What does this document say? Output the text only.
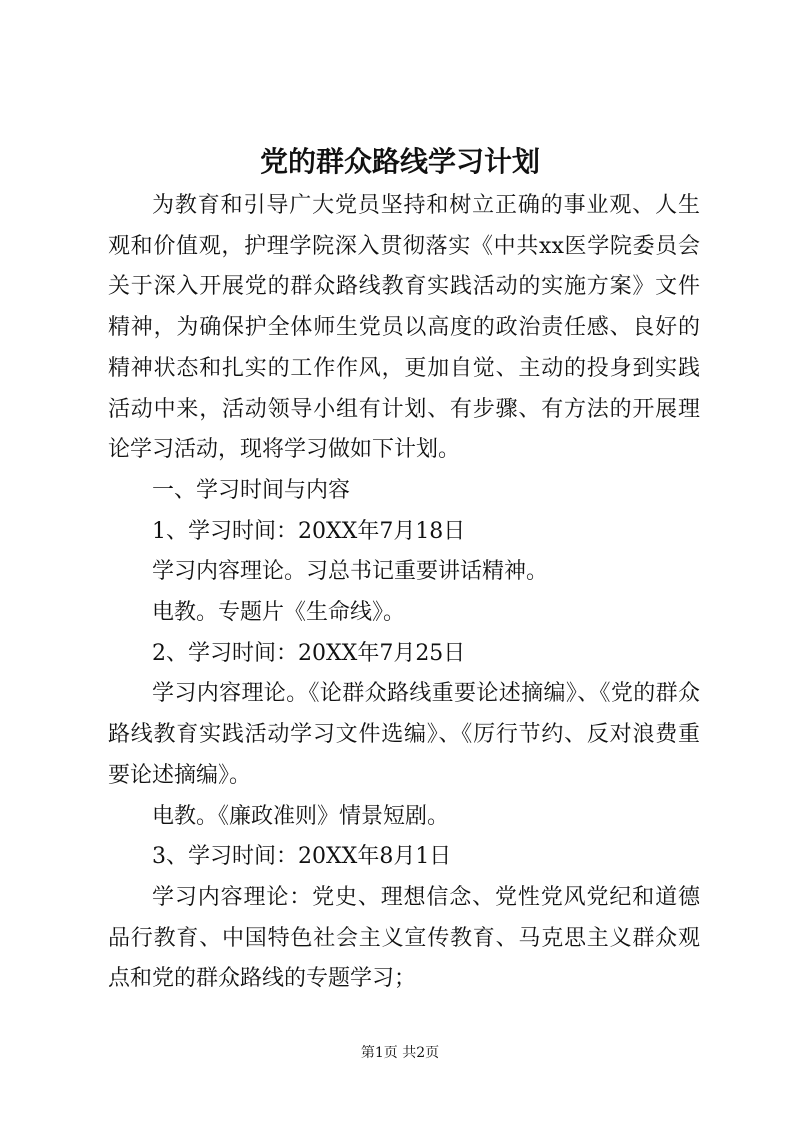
党的群众路线学习计划

为教育和引导广大党员坚持和树立正确的事业观、人生观和价值观，护理学院深入贯彻落实《中共xx医学院委员会关于深入开展党的群众路线教育实践活动的实施方案》文件精神，为确保护全体师生党员以高度的政治责任感、良好的精神状态和扎实的工作作风，更加自觉、主动的投身到实践活动中来，活动领导小组有计划、有步骤、有方法的开展理论学习活动，现将学习做如下计划。

一、学习时间与内容

1、学习时间：20XX年7月18日

学习内容理论。习总书记重要讲话精神。

电教。专题片《生命线》。

2、学习时间：20XX年7月25日

学习内容理论。《论群众路线重要论述摘编》、《党的群众路线教育实践活动学习文件选编》、《厉行节约、反对浪费重要论述摘编》。

电教。《廉政准则》情景短剧。

3、学习时间：20XX年8月1日

学习内容理论：党史、理想信念、党性党风党纪和道德品行教育、中国特色社会主义宣传教育、马克思主义群众观点和党的群众路线的专题学习；

第1页 共2页
